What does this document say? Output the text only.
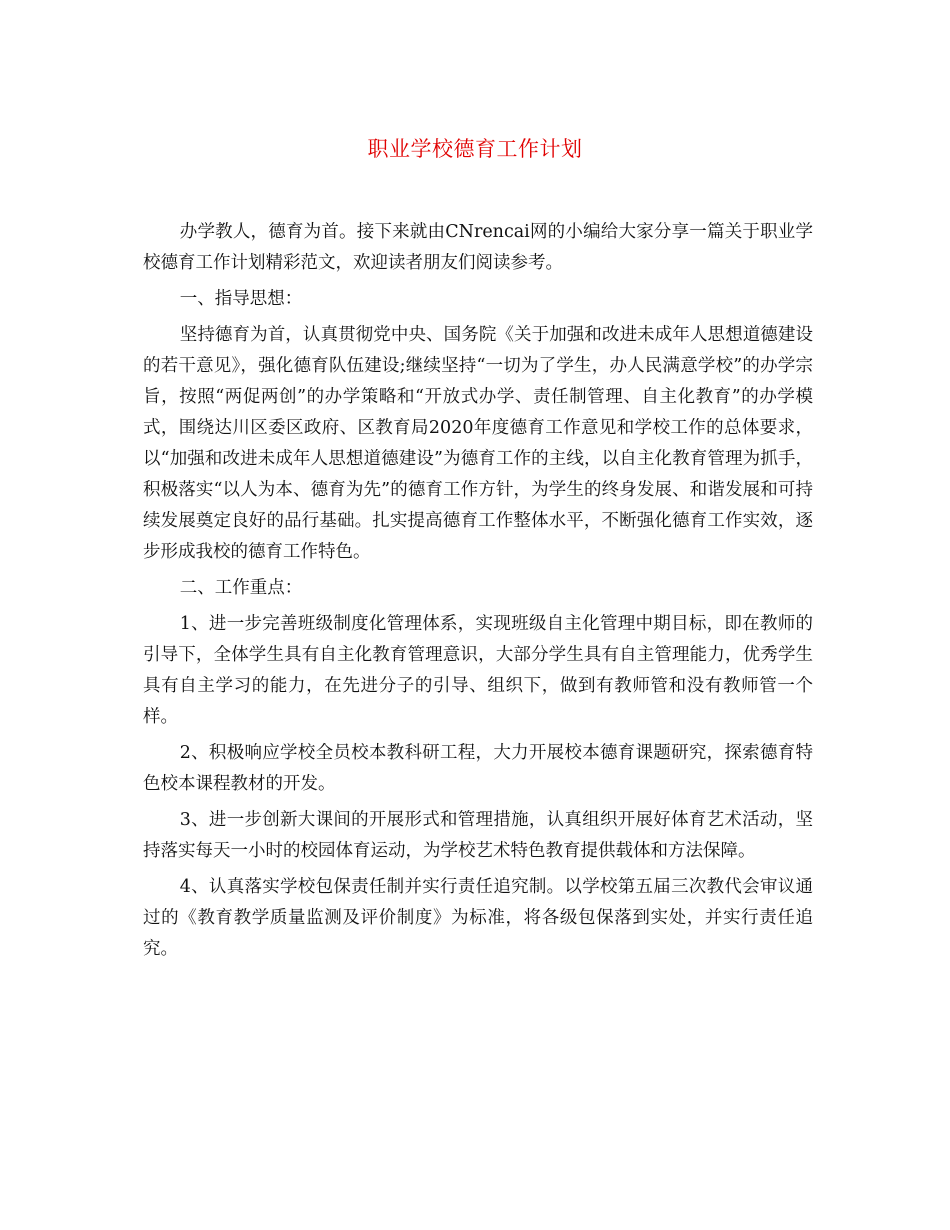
职业学校德育工作计划

办学教人，德育为首。接下来就由CNrencai网的小编给大家分享一篇关于职业学校德育工作计划精彩范文，欢迎读者朋友们阅读参考。

一、指导思想：

坚持德育为首，认真贯彻党中央、国务院《关于加强和改进未成年人思想道德建设的若干意见》，强化德育队伍建设;继续坚持“一切为了学生，办人民满意学校”的办学宗旨，按照“两促两创”的办学策略和“开放式办学、责任制管理、自主化教育”的办学模式，围绕达川区委区政府、区教育局2020年度德育工作意见和学校工作的总体要求，以“加强和改进未成年人思想道德建设”为德育工作的主线，以自主化教育管理为抓手，积极落实“以人为本、德育为先”的德育工作方针，为学生的终身发展、和谐发展和可持续发展奠定良好的品行基础。扎实提高德育工作整体水平，不断强化德育工作实效，逐步形成我校的德育工作特色。

二、工作重点：

1、进一步完善班级制度化管理体系，实现班级自主化管理中期目标，即在教师的引导下，全体学生具有自主化教育管理意识，大部分学生具有自主管理能力，优秀学生具有自主学习的能力，在先进分子的引导、组织下，做到有教师管和没有教师管一个样。

2、积极响应学校全员校本教科研工程，大力开展校本德育课题研究，探索德育特色校本课程教材的开发。

3、进一步创新大课间的开展形式和管理措施，认真组织开展好体育艺术活动，坚持落实每天一小时的校园体育运动，为学校艺术特色教育提供载体和方法保障。

4、认真落实学校包保责任制并实行责任追究制。以学校第五届三次教代会审议通过的《教育教学质量监测及评价制度》为标准，将各级包保落到实处，并实行责任追究。
